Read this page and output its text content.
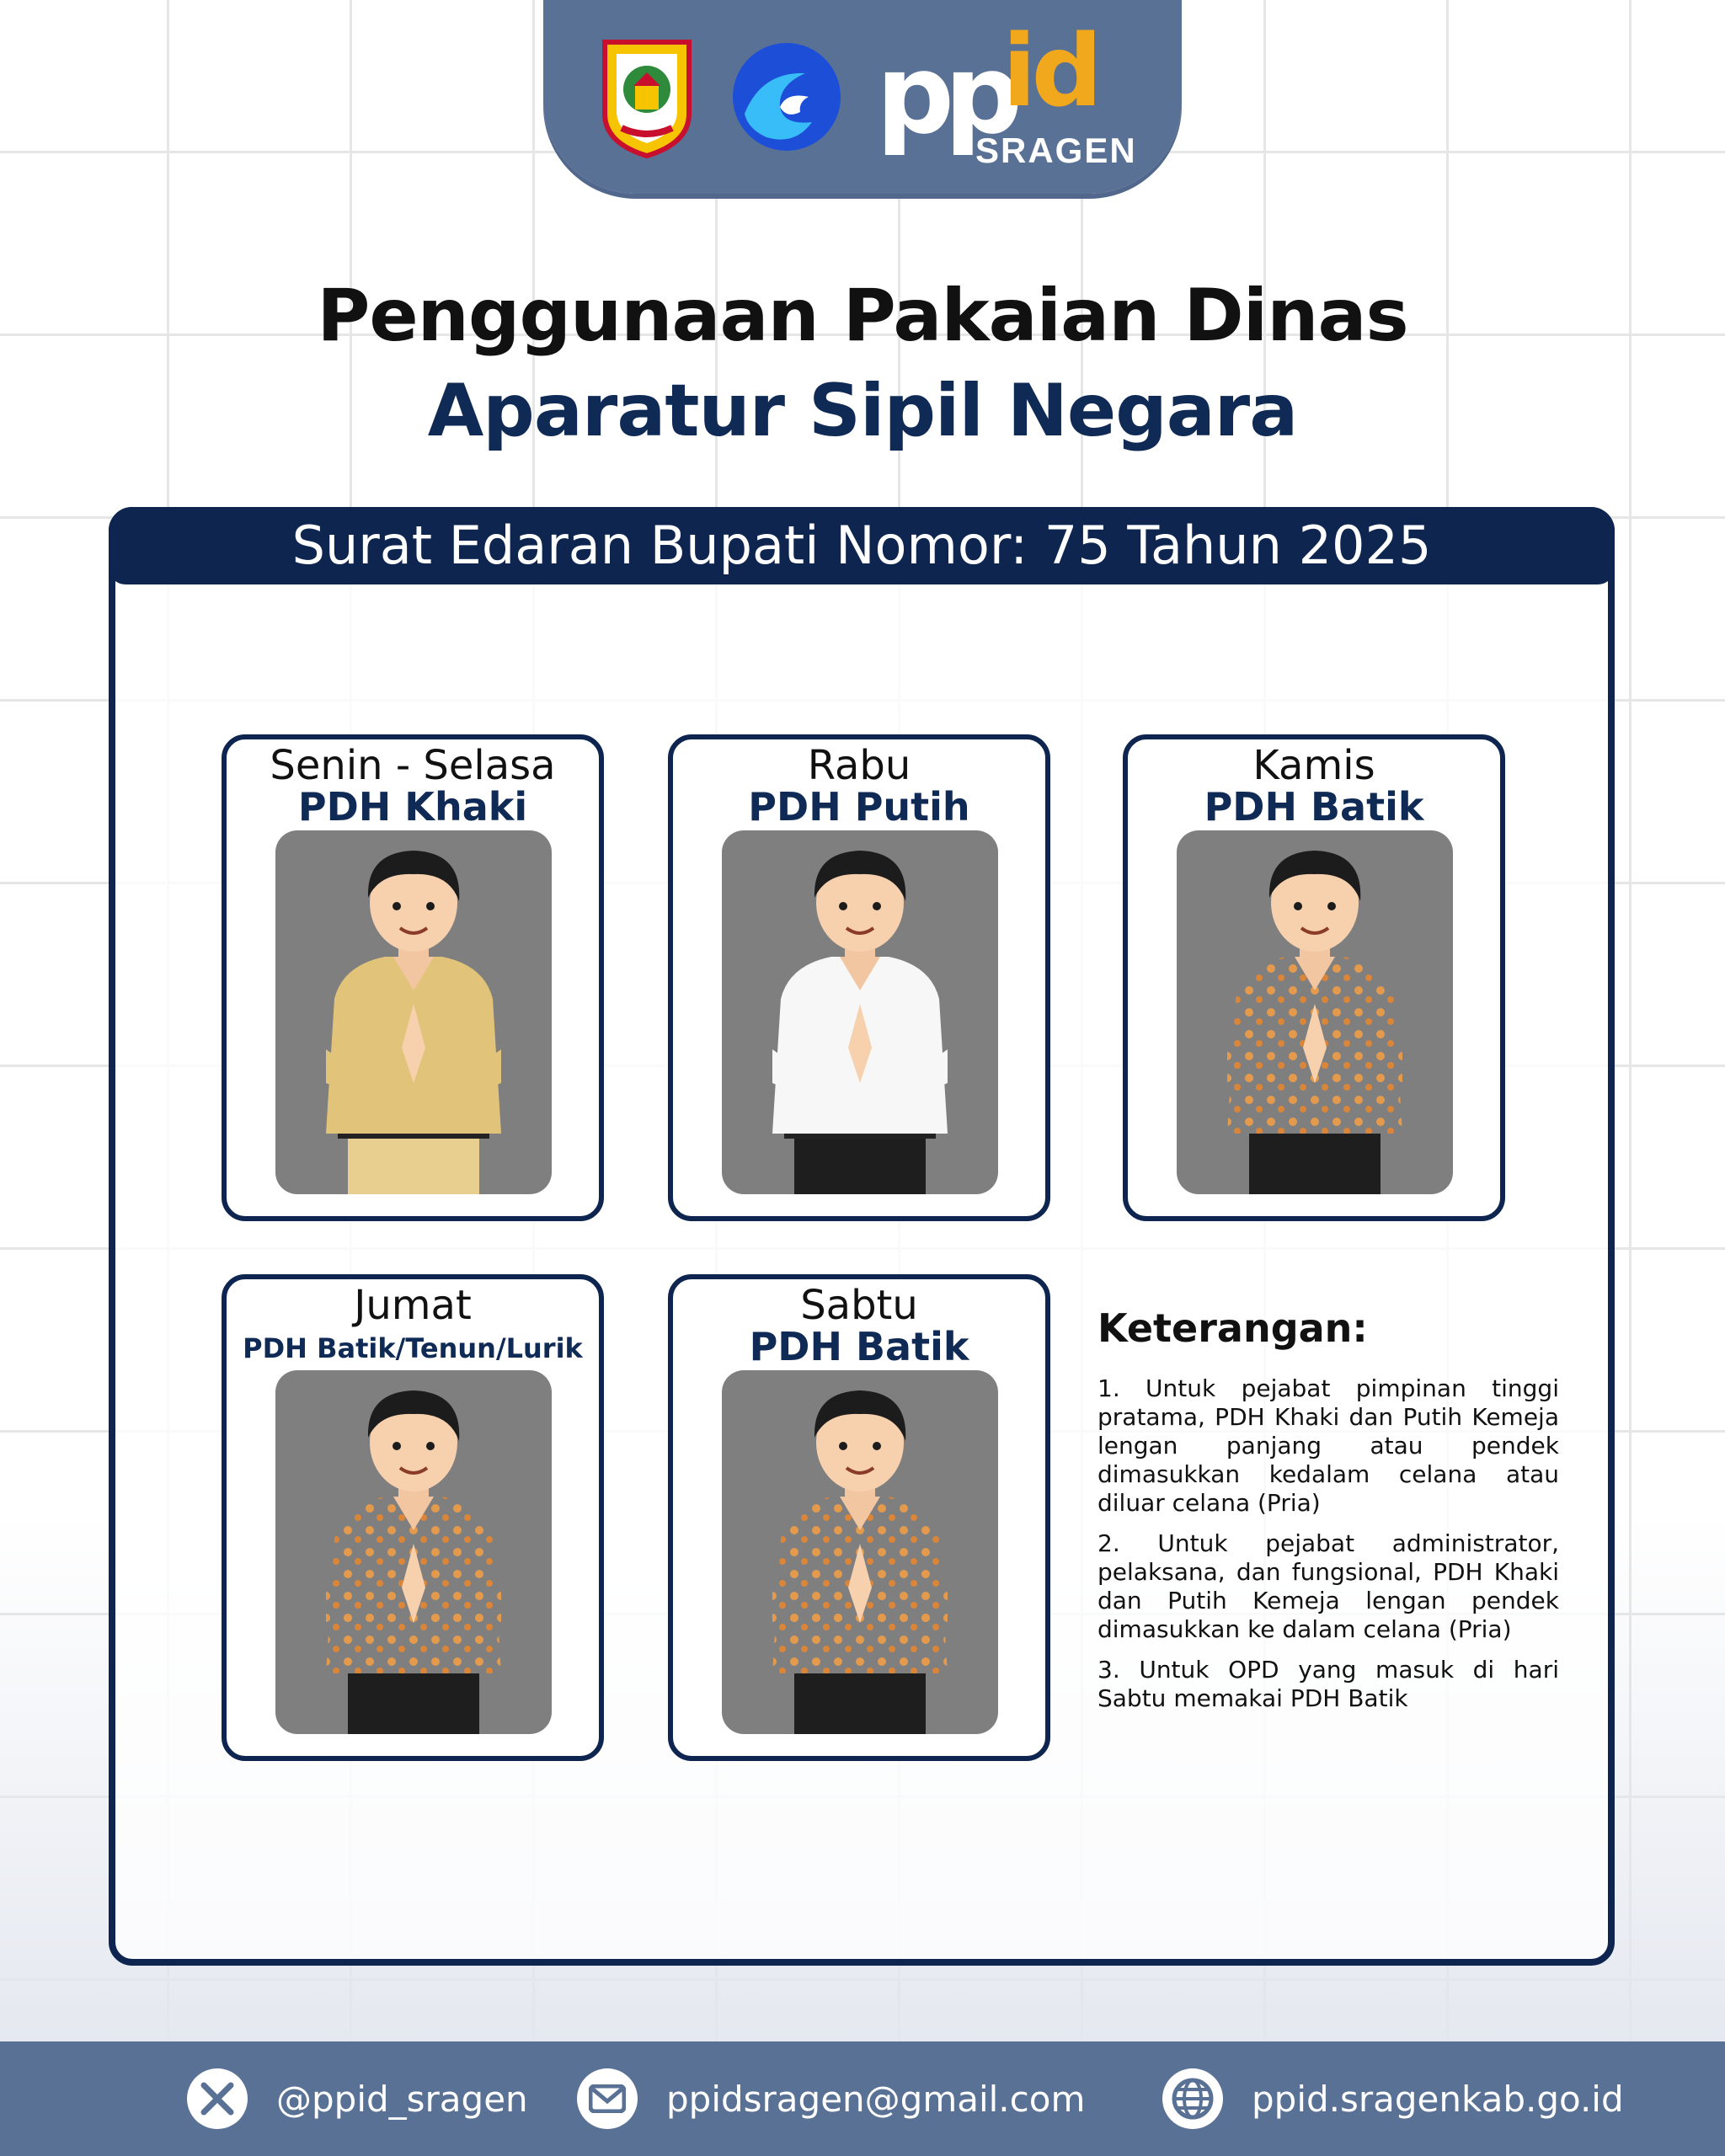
pp
id
SRAGEN
Penggunaan Pakaian Dinas
Aparatur Sipil Negara
Surat Edaran Bupati Nomor: 75 Tahun 2025
Senin - Selasa
PDH Khaki
Rabu
PDH Putih
Kamis
PDH Batik
Jumat
PDH Batik/Tenun/Lurik
Sabtu
PDH Batik	Keterangan:
1. Untuk pejabat pimpinan tinggi pratama, PDH Khaki dan Putih Kemeja lengan panjang atau pendek dimasukkan kedalam celana atau diluar celana (Pria)
2. Untuk pejabat administrator, pelaksana, dan fungsional, PDH Khaki dan Putih Kemeja lengan pendek dimasukkan ke dalam celana (Pria)
3. Untuk OPD yang masuk di hari Sabtu memakai PDH Batik
@ppid_sragen	ppidsragen@gmail.com	ppid.sragenkab.go.id
